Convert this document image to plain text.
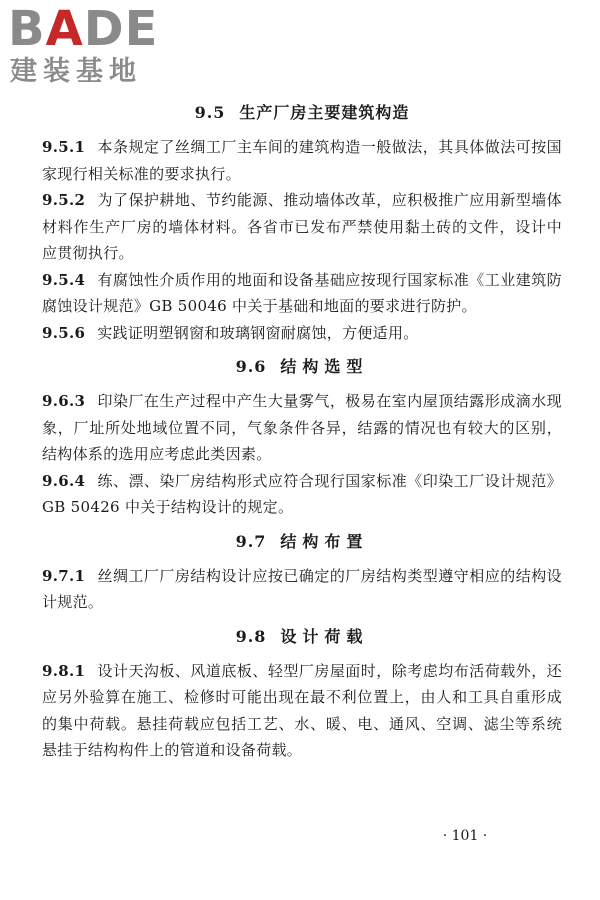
BADE
建装基地
9.5 生产厂房主要建筑构造
9.5.1 本条规定了丝绸工厂主车间的建筑构造一般做法，其具体做法可按国家现行相关标准的要求执行。
9.5.2 为了保护耕地、节约能源、推动墙体改革，应积极推广应用新型墙体材料作生产厂房的墙体材料。各省市已发布严禁使用黏土砖的文件，设计中应贯彻执行。
9.5.4 有腐蚀性介质作用的地面和设备基础应按现行国家标准《工业建筑防腐蚀设计规范》GB 50046 中关于基础和地面的要求进行防护。
9.5.6 实践证明塑钢窗和玻璃钢窗耐腐蚀，方便适用。
9.6 结构选型
9.6.3 印染厂在生产过程中产生大量雾气，极易在室内屋顶结露形成滴水现象，厂址所处地域位置不同，气象条件各异，结露的情况也有较大的区别，结构体系的选用应考虑此类因素。
9.6.4 练、漂、染厂房结构形式应符合现行国家标准《印染工厂设计规范》GB 50426 中关于结构设计的规定。
9.7 结构布置
9.7.1 丝绸工厂厂房结构设计应按已确定的厂房结构类型遵守相应的结构设计规范。
9.8 设计荷载
9.8.1 设计天沟板、风道底板、轻型厂房屋面时，除考虑均布活荷载外，还应另外验算在施工、检修时可能出现在最不利位置上，由人和工具自重形成的集中荷载。悬挂荷载应包括工艺、水、暖、电、通风、空调、滤尘等系统悬挂于结构构件上的管道和设备荷载。
· 101 ·
